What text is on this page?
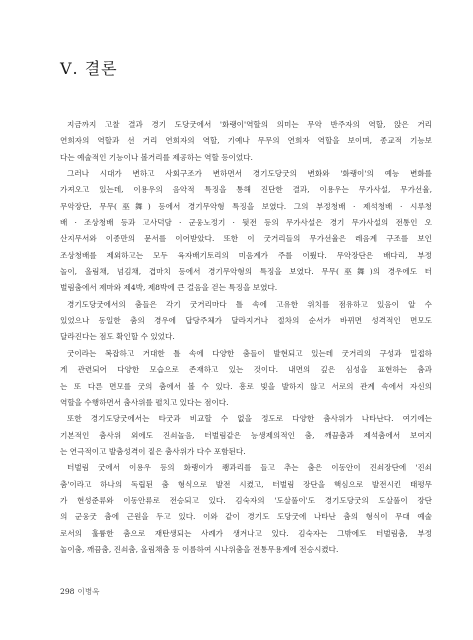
Ⅴ. 결론
지금까지 고찰 결과 경기 도당굿에서 '화랭이'역할의 의미는 무악 반주자의 역할, 앉은 거리
연희자의 역할과 선 거리 연희자의 역할, 기예나 무무의 연희자 역할을 보이며, 종교적 기능보
다는 예술적인 기능이나 볼거리를 제공하는 역할 등이었다.
그러나 시대가 변하고 사회구조가 변하면서 경기도당굿의 변화와 '화랭이'의 예능 변화를
가져오고 있는데, 이용우의 음악적 특징을 통해 진단한 결과, 이용우는 무가사설, 무가선율,
무악장단, 무무(巫舞) 등에서 경기무악형 특징을 보였다. 그의 부정청배 · 제석청배 · 시루청
배 · 조상청배 등과 고사덕담 · 군웅노정기 · 뒷전 등의 무가사설은 경기 무가사설의 전통인 오
산지무서와 이종만의 문서를 이어받았다. 또한 이 굿거리들의 무가선율은 레음계 구조를 보인
조상청배를 제외하고는 모두 육자배기토리의 미음계가 주를 이뤘다. 무악장단은 배다리, 부정
놀이, 올림채, 넘김채, 겹마치 등에서 경기무악형의 특징을 보였다. 무무(巫舞)의 경우에도 터
벌림춤에서 제마와 제4박, 제8박에 큰 걸음을 걷는 특징을 보였다.
경기도당굿에서의 춤들은 각기 굿거리마다 틀 속에 고유한 위치를 점유하고 있음이 알 수
있었으나 동일한 춤의 경우에 답당주체가 달라지거나 절차의 순서가 바뀌면 성격적인 면모도
달라진다는 점도 확인할 수 있었다.
굿이라는 복잡하고 거대한 틀 속에 다양한 춤들이 발현되고 있는데 굿거리의 구성과 밀접하
게 관련되어 다양한 모습으로 존재하고 있는 것이다. 내면의 깊은 심성을 표현하는 춤과
는 또 다른 면모를 굿의 춤에서 볼 수 있다. 흥로 빛을 발하지 않고 서로의 관계 속에서 자신의
역할을 수행하면서 춤사위를 펼치고 있다는 점이다.
또한 경기도당굿에서는 타굿과 비교할 수 없을 정도로 다양한 춤사위가 나타난다. 여기에는
기본적인 춤사위 외에도 진쇠놀음, 터벌림같은 능생제의적인 춤, 깨끔춤과 제석춤에서 보여지
는 연극적이고 발춤성격이 짙은 춤사위가 다수 포함된다.
터벌림 굿에서 이용우 등의 화랭이가 쾡과리를 들고 추는 춤은 이동안이 진쇠장단에 '진쇠
춤'이라고 하나의 독립된 춤 형식으로 발전 시켰고, 터벌림 장단을 핵심으로 발전시킨 태평무
가 현성준류와 이동안류로 전승되고 있다. 김숙자의 '도살풀이'도 경기도당굿의 도살풀이 장단
의 군웅굿 춤에 근원을 두고 있다. 이와 같이 경기도 도당굿에 나타난 춤의 형식이 무대 예술
로서의 훌륭한 춤으로 재탄생되는 사례가 생겨나고 있다. 김숙자는 그밖에도 터벌림춤, 부정
놀이춤, 깨끔춤, 진쇠춤, 올림채춤 등 이름하여 시나위춤을 전통무용계에 전승시켰다.
298 이병옥
